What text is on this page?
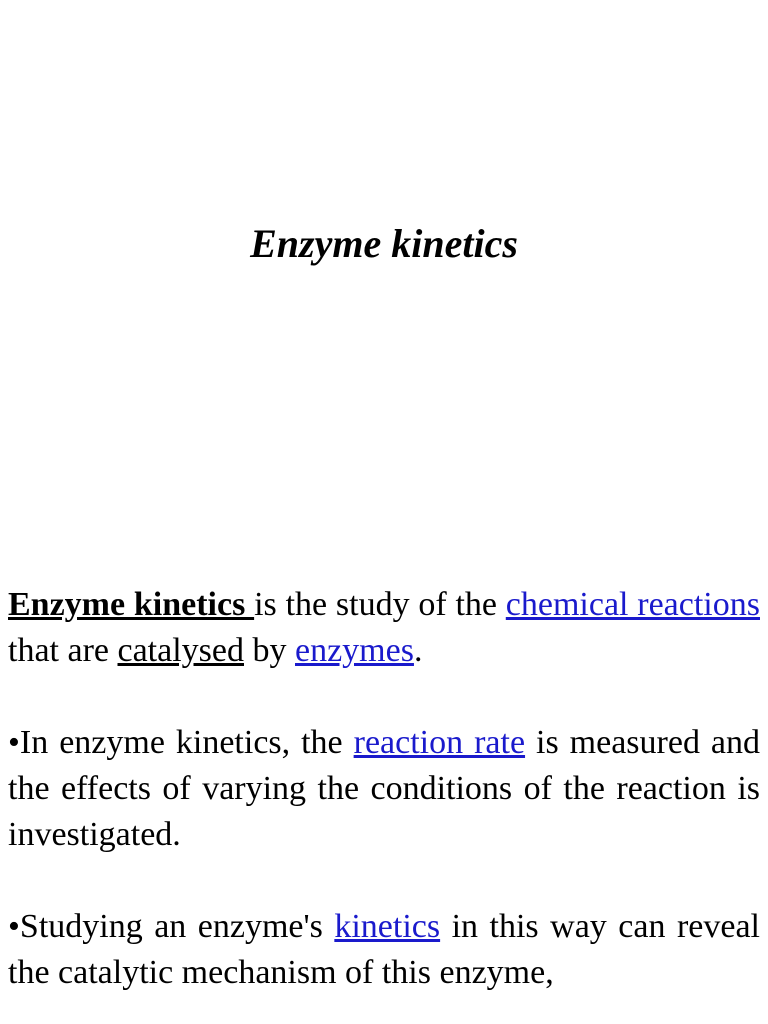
Enzyme kinetics

Enzyme kinetics is the study of the chemical reactions that are catalysed by enzymes.

•In enzyme kinetics, the reaction rate is measured and the effects of varying the conditions of the reaction is investigated.

•Studying an enzyme's kinetics in this way can reveal the catalytic mechanism of this enzyme,
